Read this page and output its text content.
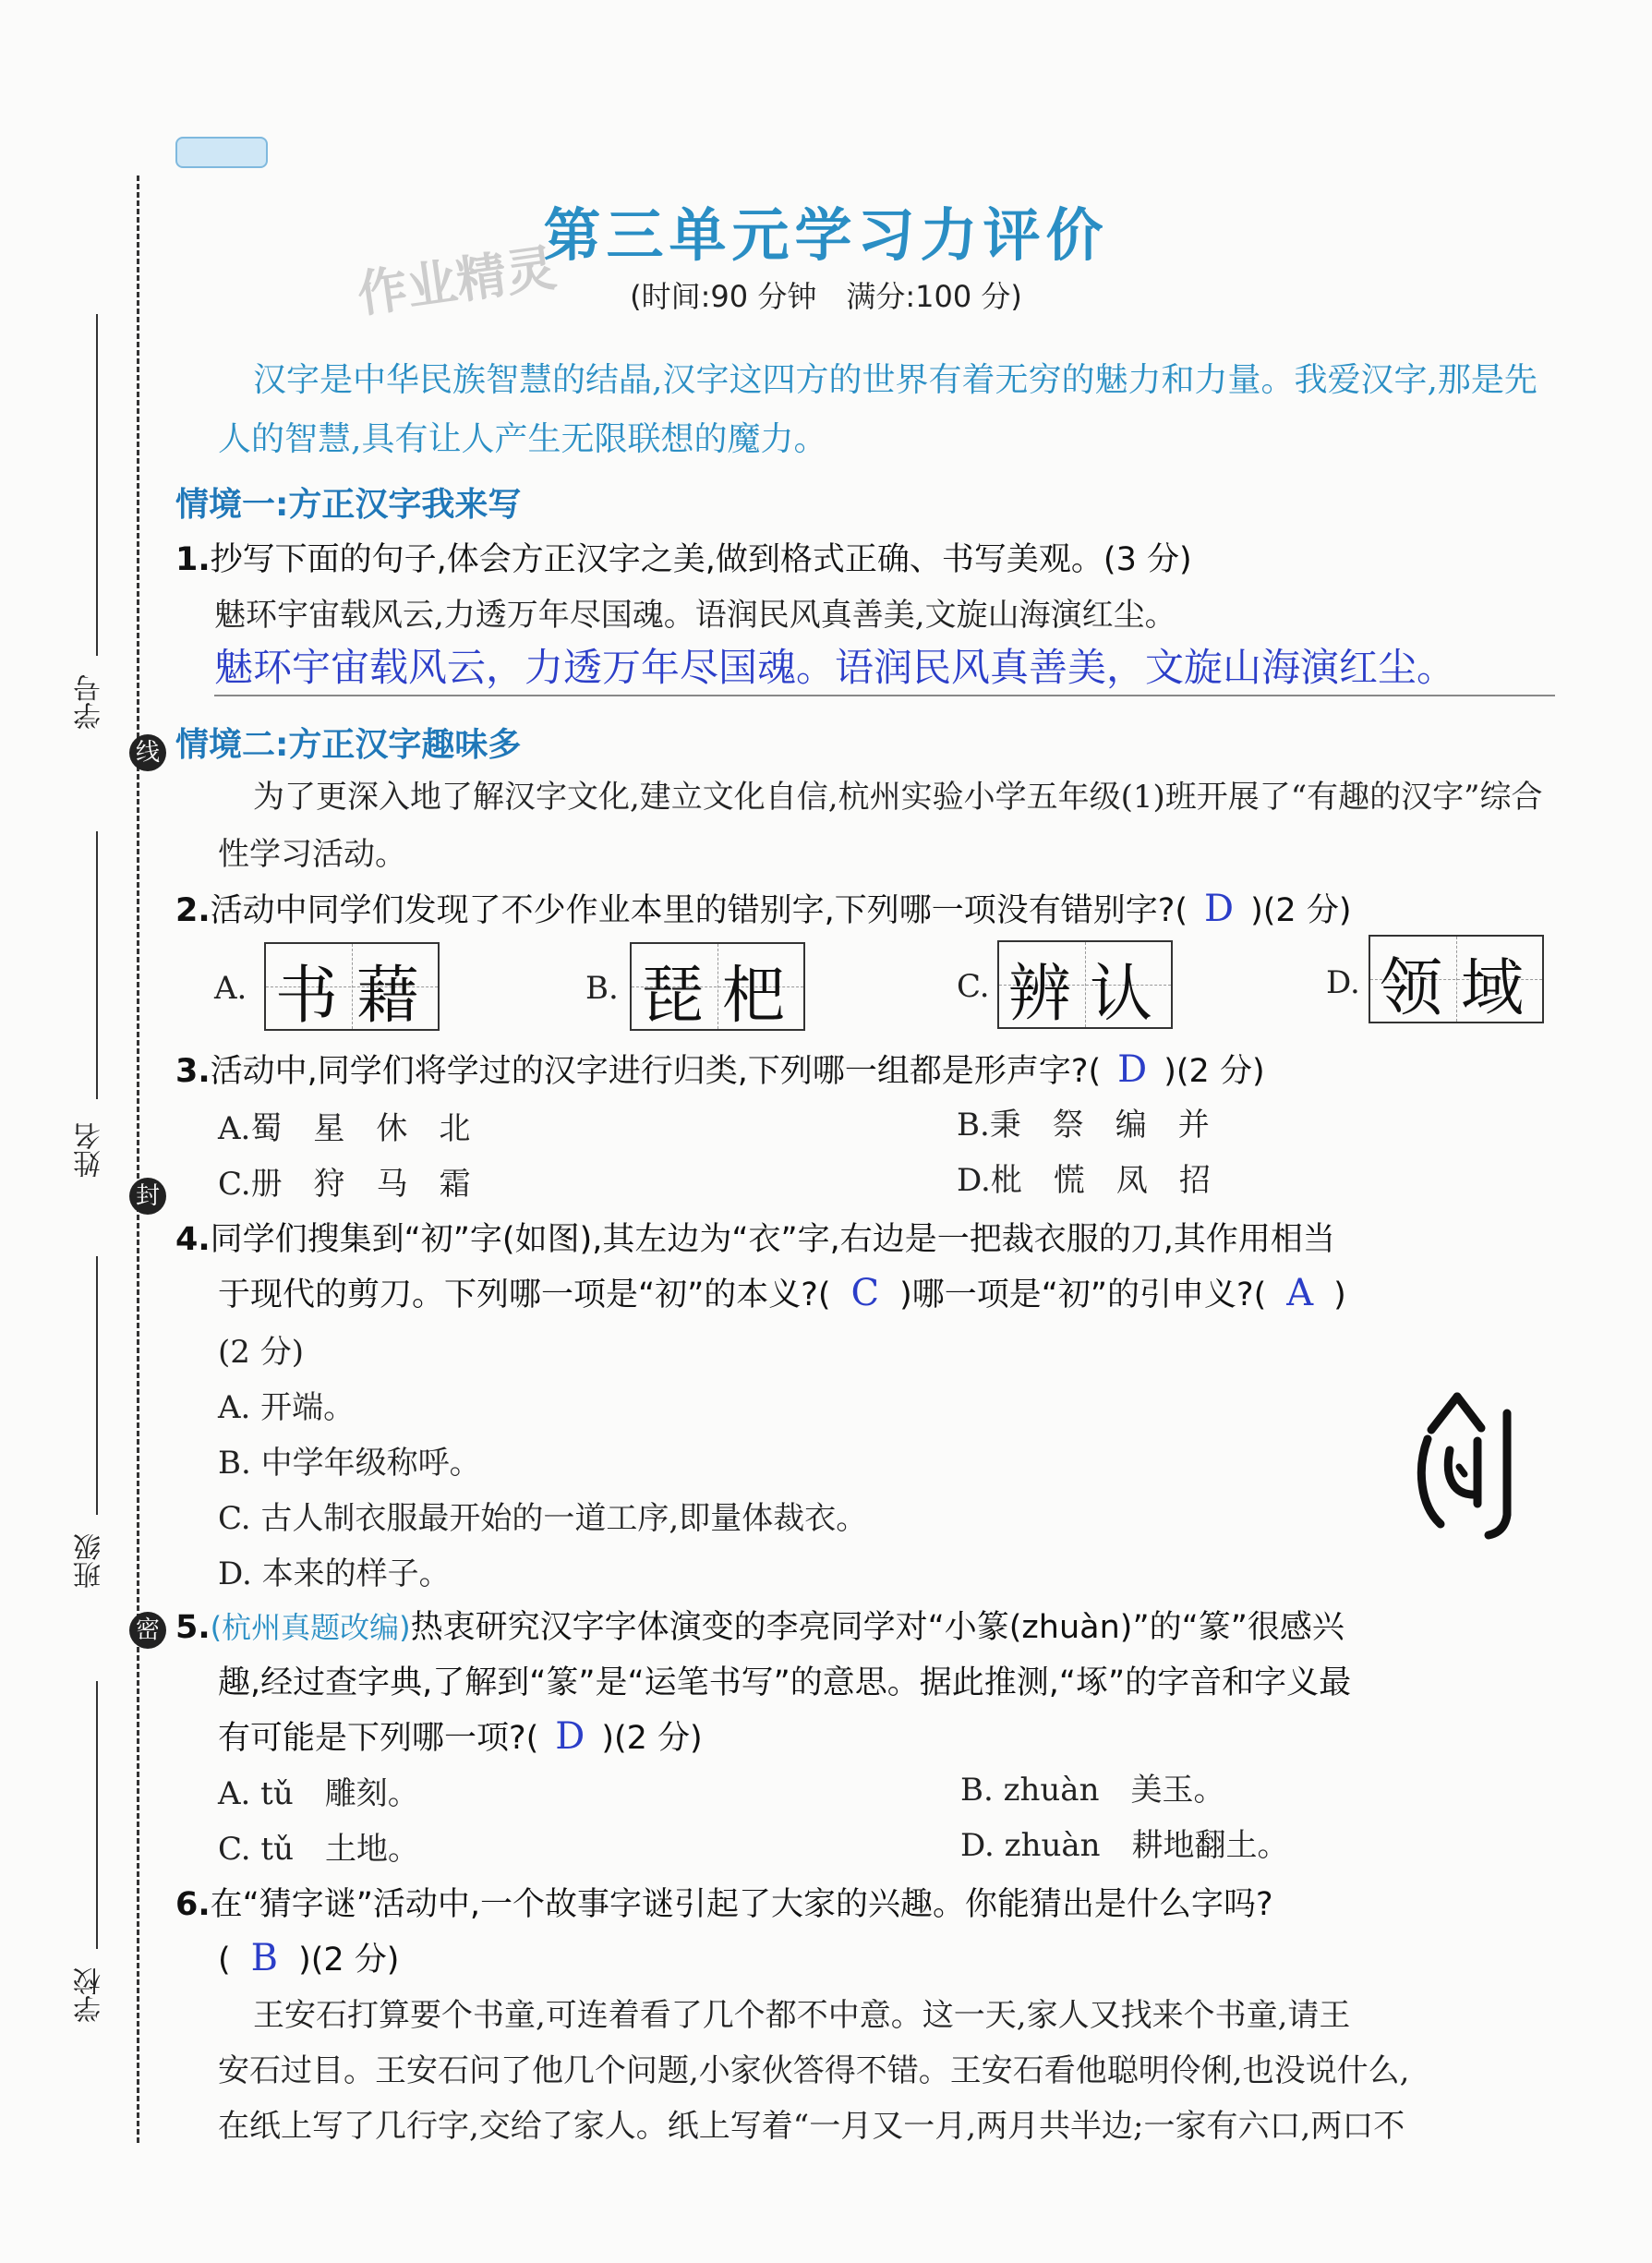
学号
线
姓名
封
班级
密
学校
第三单元学习力评价
作业精灵	(时间:90 分钟　满分:100 分)
汉字是中华民族智慧的结晶,汉字这四方的世界有着无穷的魅力和力量。我爱汉字,那是先人的智慧,具有让人产生无限联想的魔力。
情境一:方正汉字我来写
1.抄写下面的句子,体会方正汉字之美,做到格式正确、书写美观。(3 分)
魅环宇宙载风云,力透万年尽国魂。语润民风真善美,文旋山海演红尘。
魅环宇宙载风云，力透万年尽国魂。语润民风真善美，文旋山海演红尘。
情境二:方正汉字趣味多
为了更深入地了解汉字文化,建立文化自信,杭州实验小学五年级(1)班开展了“有趣的汉字”综合性学习活动。
2.活动中同学们发现了不少作业本里的错别字,下列哪一项没有错别字?( D )(2 分)
A. 书 藉	B. 琵 杷	C. 辨 认	D. 领 域
3.活动中,同学们将学过的汉字进行归类,下列哪一组都是形声字?( D )(2 分)
A.蜀　星　休　北	B.秉　祭　编　并
C.册　狩　马　霜	D.枇　慌　凤　招
4.同学们搜集到“初”字(如图),其左边为“衣”字,右边是一把裁衣服的刀,其作用相当
于现代的剪刀。下列哪一项是“初”的本义?( C )哪一项是“初”的引申义?( A )
(2 分)
A. 开端。
B. 中学年级称呼。
C. 古人制衣服最开始的一道工序,即量体裁衣。
D. 本来的样子。
5.(杭州真题改编)热衷研究汉字字体演变的李亮同学对“小篆(zhuàn)”的“篆”很感兴
趣,经过查字典,了解到“篆”是“运笔书写”的意思。据此推测,“㙇”的字音和字义最
有可能是下列哪一项?( D )(2 分)
A. tǔ　雕刻。	B. zhuàn　美玉。
C. tǔ　土地。	D. zhuàn　耕地翻土。
6.在“猜字谜”活动中,一个故事字谜引起了大家的兴趣。你能猜出是什么字吗?
( B )(2 分)
王安石打算要个书童,可连着看了几个都不中意。这一天,家人又找来个书童,请王
安石过目。王安石问了他几个问题,小家伙答得不错。王安石看他聪明伶俐,也没说什么,
在纸上写了几行字,交给了家人。纸上写着“一月又一月,两月共半边;一家有六口,两口不
